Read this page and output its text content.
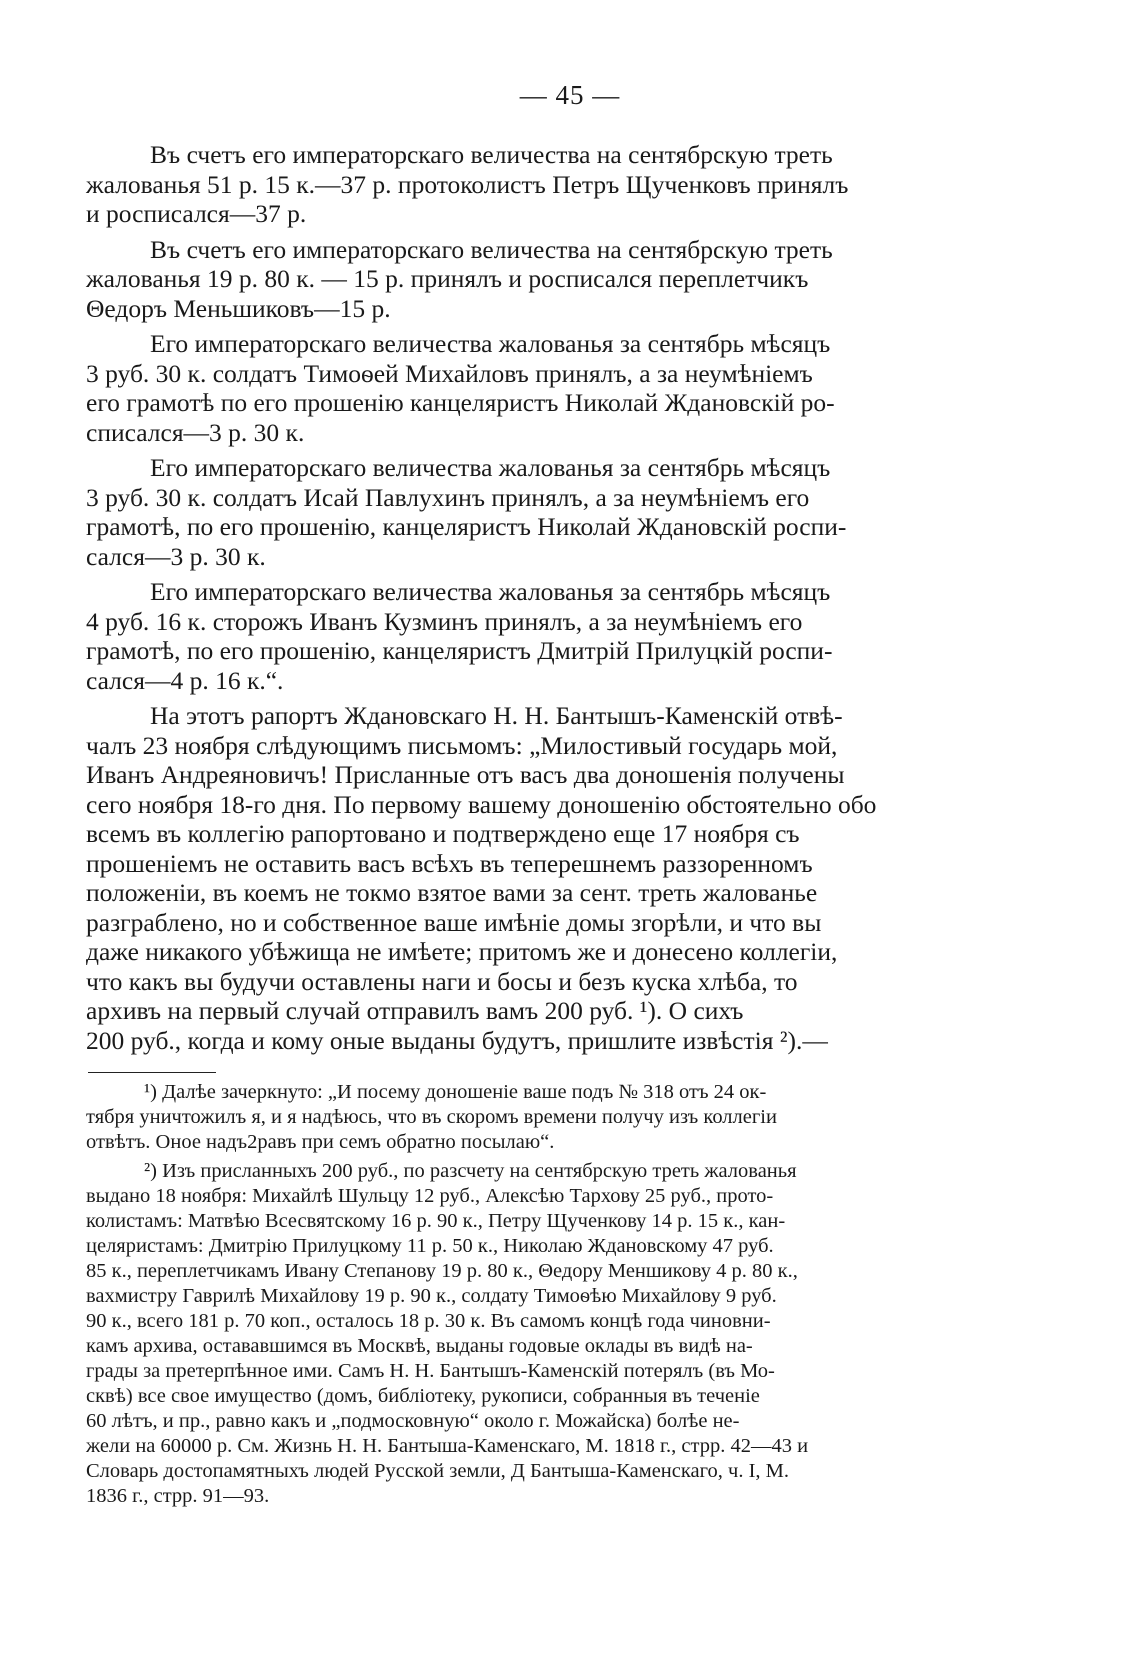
— 45 —

Въ счетъ его императорскаго величества на сентябрскую треть
жалованья 51 р. 15 к.—37 р. протоколистъ Петръ Щученковъ принялъ
и росписался—37 р.

Въ счетъ его императорскаго величества на сентябрскую треть
жалованья 19 р. 80 к. — 15 р. принялъ и росписался переплетчикъ
Θедоръ Меньшиковъ—15 р.

Его императорскаго величества жалованья за сентябрь мѣсяцъ
3 руб. 30 к. солдатъ Тимоѳей Михайловъ принялъ, а за неумѣніемъ
его грамотѣ по его прошенію канцеляристъ Николай Ждановскій ро-
списался—3 р. 30 к.

Его императорскаго величества жалованья за сентябрь мѣсяцъ
3 руб. 30 к. солдатъ Исай Павлухинъ принялъ, а за неумѣніемъ его
грамотѣ, по его прошенію, канцеляристъ Николай Ждановскій роспи-
сался—3 р. 30 к.

Его императорскаго величества жалованья за сентябрь мѣсяцъ
4 руб. 16 к. сторожъ Иванъ Кузминъ принялъ, а за неумѣніемъ его
грамотѣ, по его прошенію, канцеляристъ Дмитрій Прилуцкій роспи-
сался—4 р. 16 к.“.

На этотъ рапортъ Ждановскаго Н. Н. Бантышъ-Каменскій отвѣ-
чалъ 23 ноября слѣдующимъ письмомъ: „Милостивый государь мой,
Иванъ Андреяновичъ! Присланные отъ васъ два доношенія получены
сего ноября 18-го дня. По первому вашему доношенію обстоятельно обо
всемъ въ коллегію рапортовано и подтверждено еще 17 ноября съ
прошеніемъ не оставить васъ всѣхъ въ теперешнемъ раззоренномъ
положеніи, въ коемъ не токмо взятое вами за сент. треть жалованье
разграблено, но и собственное ваше имѣніе домы згорѣли, и что вы
даже никакого убѣжища не имѣете; притомъ же и донесено коллегіи,
что какъ вы будучи оставлены наги и босы и безъ куска хлѣба, то
архивъ на первый случай отправилъ вамъ 200 руб. ¹). О сихъ
200 руб., когда и кому оные выданы будутъ, пришлите извѣстія ²).—

¹) Далѣе зачеркнуто: „И посему доношеніе ваше подъ № 318 отъ 24 ок-
тября уничтожилъ я, и я надѣюсь, что въ скоромъ времени получу изъ коллегіи
отвѣтъ. Оное надъ2равъ при семъ обратно посылаю“.
²) Изъ присланныхъ 200 руб., по разсчету на сентябрскую треть жалованья
выдано 18 ноября: Михайлѣ Шульцу 12 руб., Алексѣю Тархову 25 руб., прото-
колистамъ: Матвѣю Всесвятскому 16 р. 90 к., Петру Щученкову 14 р. 15 к., кан-
целяристамъ: Дмитрію Прилуцкому 11 р. 50 к., Николаю Ждановскому 47 руб.
85 к., переплетчикамъ Ивану Степанову 19 р. 80 к., Θедору Меншикову 4 р. 80 к.,
вахмистру Гаврилѣ Михайлову 19 р. 90 к., солдату Тимоѳѣю Михайлову 9 руб.
90 к., всего 181 р. 70 коп., осталось 18 р. 30 к. Въ самомъ концѣ года чиновни-
камъ архива, остававшимся въ Москвѣ, выданы годовые оклады въ видѣ на-
грады за претерпѣнное ими. Самъ Н. Н. Бантышъ-Каменскій потерялъ (въ Мо-
сквѣ) все свое имущество (домъ, библіотеку, рукописи, собранныя въ теченіе
60 лѣтъ, и пр., равно какъ и „подмосковную“ около г. Можайска) болѣе не-
жели на 60000 р. См. Жизнь Н. Н. Бантыша-Каменскаго, М. 1818 г., стрр. 42—43 и
Словарь достопамятныхъ людей Русской земли, Д Бантыша-Каменскаго, ч. I, М.
1836 г., стрр. 91—93.
